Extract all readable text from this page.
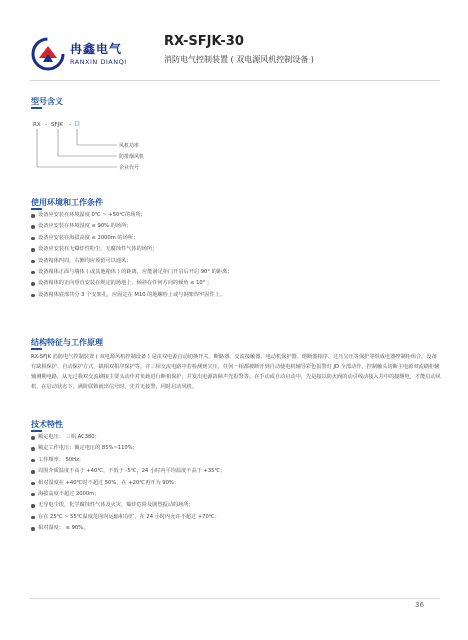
冉鑫电气
RANXIN DIANQI
RX-SFJK-30
消防电气控制装置 ( 双电源风机控制设备 )
型号含义
RX - SFJK - 口
风机功率
防排烟风机
企业代号
使用环境和工作条件
设备应安装在环境温度 0℃ ~ +50℃的场所；
设备应安装在环境湿度 ≤ 90% 的场所；
设备应安装在海拔高度 ≤ 1000m 的场所；
设备应安装在无爆炸性粉尘，无腐蚀性气体的场所；
设备箱体四周，右侧均应预留可以通风；
设备箱体正面与墙体 ( 或其他箱体 ) 的距离，应能满足柜门开启后开启 90° 的距离；
设备箱体的正向垂直安装在规定的场地上，倾斜在任何方向的倾角 ≤ 10° ；
设备箱体底部共分 3 个支架孔，应固定在 M10 的地螺栓上或与钢架焊牢固件上。
结构特征与工作原理

RX-SFJK 消防电气控制装置 ( 双电源风机控制设备 ) 是由双电源自动切换开关、断路器、交流接触器、电动机保护器、熔断器相序、过压欠压等保护等组成电器控制柜组合。设备有缺相保护、自动保护方式，缺相双相序保护等，并三相交流电路中若检测到欠压，任何一相都被断开到自动使电机辅导彩色报警灯 JD 全部动作，控制触头切断主电源双流刷柜辅辅测期电路，从无过我双交流刷接主要头动作对负载进行断相保护，并发出电源故障声光报警等。在手动或自动启动中，先是接以防火阀的动引线动接入并中的接继电，才能启动风机，在启动状态下，满阶联锁就出信号时，先并无接警，同时启动风机。

技术特性
额定电压： 三相 AC380；
额定工作电压：额定电压的 85%~110%；
工作频率： 50Hz；
周围介质温度不高于 +40℃，不低于 -5℃，24 小时内平均温度不高于 +35℃；
相对湿度在 +40℃时不超过 50%，在 +20℃再开为 90%；
海拔高度不超过 2000m；
无导电尘埃，化学腐蚀性气体及火灾、爆炸危险及剧烈振动的场所；
存在 25℃ ~ 55℃温度范围内运输和存贮，在 24 小时内允许不超过 +70℃；
相对湿度： ≤ 90%。
36
